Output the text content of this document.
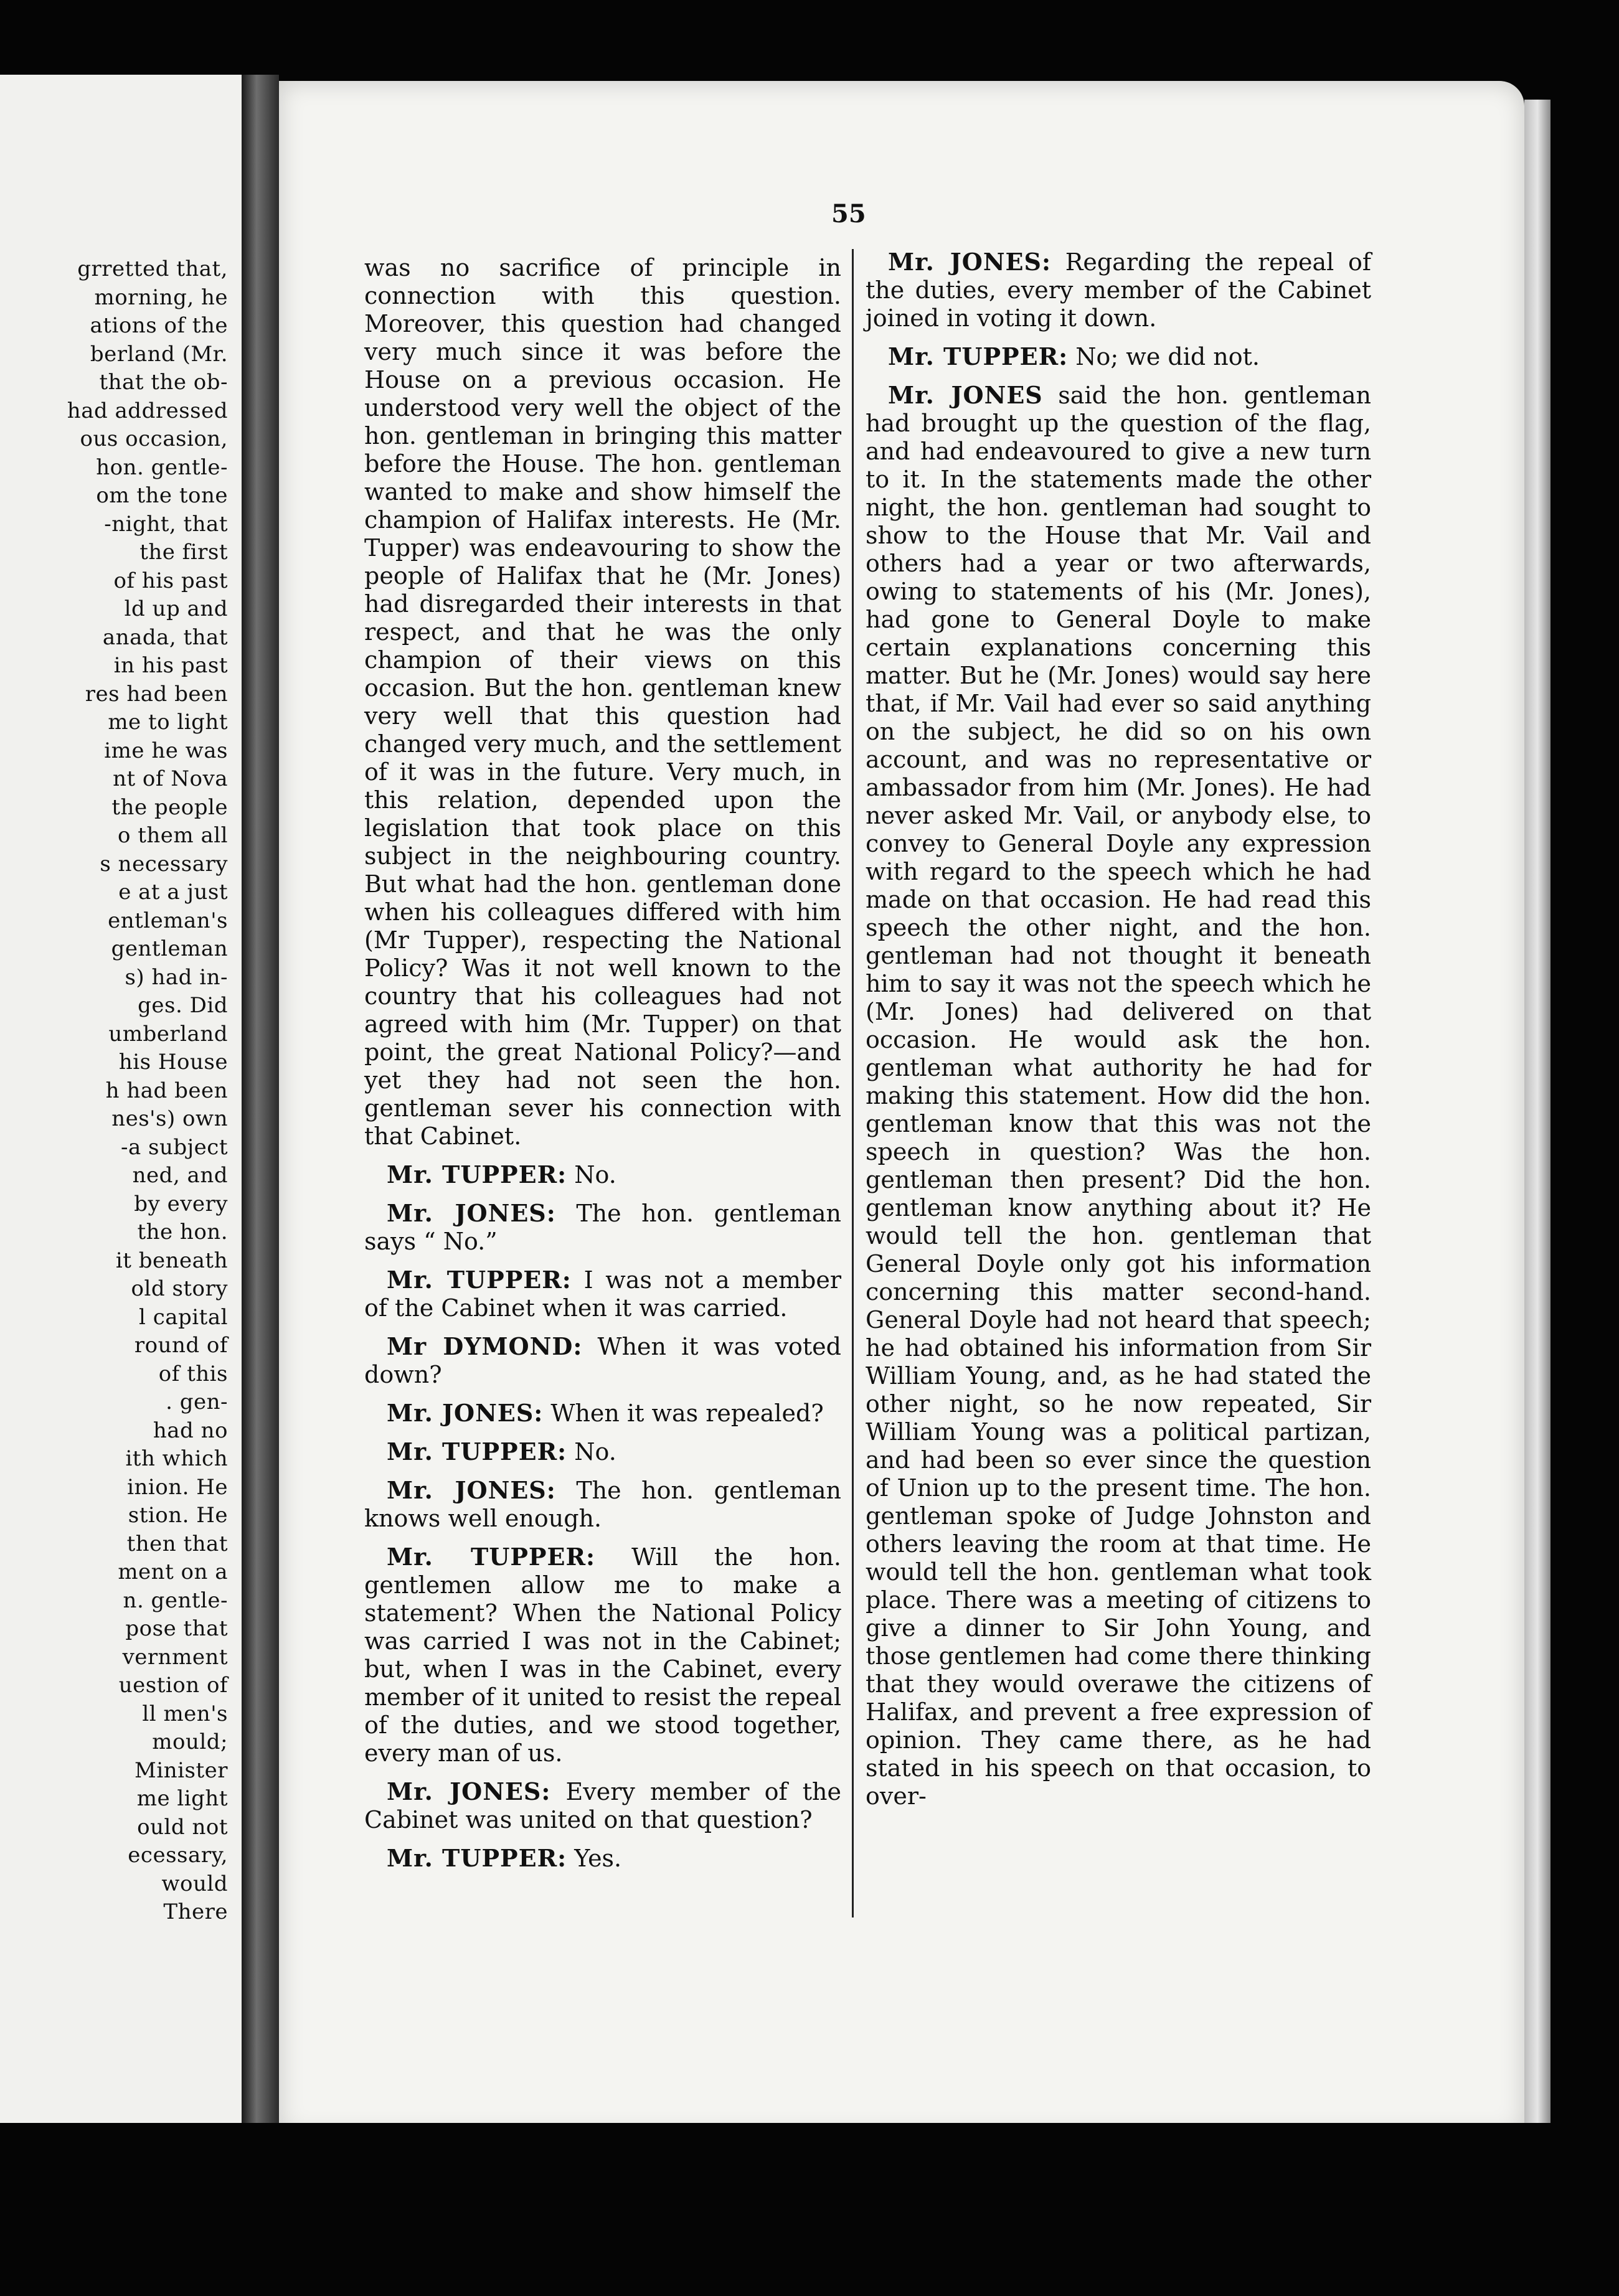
grretted that,
morning, he
ations of the
berland (Mr.
that the ob-
had addressed
ous occasion,
hon. gentle-
om the tone
-night, that
the first
of his past
ld up and
anada, that
in his past
res had been
me to light
ime he was
nt of Nova
the people
o them all
s necessary
e at a just
entleman's
gentleman
s) had in-
ges. Did
umberland
his House
h had been
nes's) own
-a subject
ned, and
by every
the hon.
it beneath
old story
l capital
round of
of this
. gen-
had no
ith which
inion. He
stion. He
then that
ment on a
n. gentle-
pose that
vernment
uestion of
ll men's
mould;
Minister
me light
ould not
ecessary,
would
There
55

was no sacrifice of principle in connection with this question. Moreover, this question had changed very much since it was before the House on a previous occasion. He understood very well the object of the hon. gentleman in bringing this matter before the House. The hon. gentleman wanted to make and show himself the champion of Halifax interests. He (Mr. Tupper) was endeavouring to show the people of Halifax that he (Mr. Jones) had disregarded their interests in that respect, and that he was the only champion of their views on this occasion. But the hon. gentleman knew very well that this question had changed very much, and the settlement of it was in the future. Very much, in this relation, depended upon the legislation that took place on this subject in the neighbouring country. But what had the hon. gentleman done when his colleagues differed with him (Mr Tupper), respecting the National Policy? Was it not well known to the country that his colleagues had not agreed with him (Mr. Tupper) on that point, the great National Policy?—and yet they had not seen the hon. gentleman sever his connection with that Cabinet.

Mr. TUPPER: No.

Mr. JONES: The hon. gentleman says “ No.”

Mr. TUPPER: I was not a member of the Cabinet when it was carried.

Mr DYMOND: When it was voted down?

Mr. JONES: When it was repealed?

Mr. TUPPER: No.

Mr. JONES: The hon. gentleman knows well enough.

Mr. TUPPER: Will the hon. gentlemen allow me to make a statement? When the National Policy was carried I was not in the Cabinet; but, when I was in the Cabinet, every member of it united to resist the repeal of the duties, and we stood together, every man of us.

Mr. JONES: Every member of the Cabinet was united on that question?

Mr. TUPPER: Yes.

Mr. JONES: Regarding the repeal of the duties, every member of the Cabinet joined in voting it down.

Mr. TUPPER: No; we did not.

Mr. JONES said the hon. gentleman had brought up the question of the flag, and had endeavoured to give a new turn to it. In the statements made the other night, the hon. gentleman had sought to show to the House that Mr. Vail and others had a year or two afterwards, owing to statements of his (Mr. Jones), had gone to General Doyle to make certain explanations concerning this matter. But he (Mr. Jones) would say here that, if Mr. Vail had ever so said anything on the subject, he did so on his own account, and was no representative or ambassador from him (Mr. Jones). He had never asked Mr. Vail, or anybody else, to convey to General Doyle any expression with regard to the speech which he had made on that occasion. He had read this speech the other night, and the hon. gentleman had not thought it beneath him to say it was not the speech which he (Mr. Jones) had delivered on that occasion. He would ask the hon. gentleman what authority he had for making this statement. How did the hon. gentleman know that this was not the speech in question? Was the hon. gentleman then present? Did the hon. gentleman know anything about it? He would tell the hon. gentleman that General Doyle only got his information concerning this matter second-hand. General Doyle had not heard that speech; he had obtained his information from Sir William Young, and, as he had stated the other night, so he now repeated, Sir William Young was a political partizan, and had been so ever since the question of Union up to the present time. The hon. gentleman spoke of Judge Johnston and others leaving the room at that time. He would tell the hon. gentleman what took place. There was a meeting of citizens to give a dinner to Sir John Young, and those gentlemen had come there thinking that they would overawe the citizens of Halifax, and prevent a free expression of opinion. They came there, as he had stated in his speech on that occasion, to over-
